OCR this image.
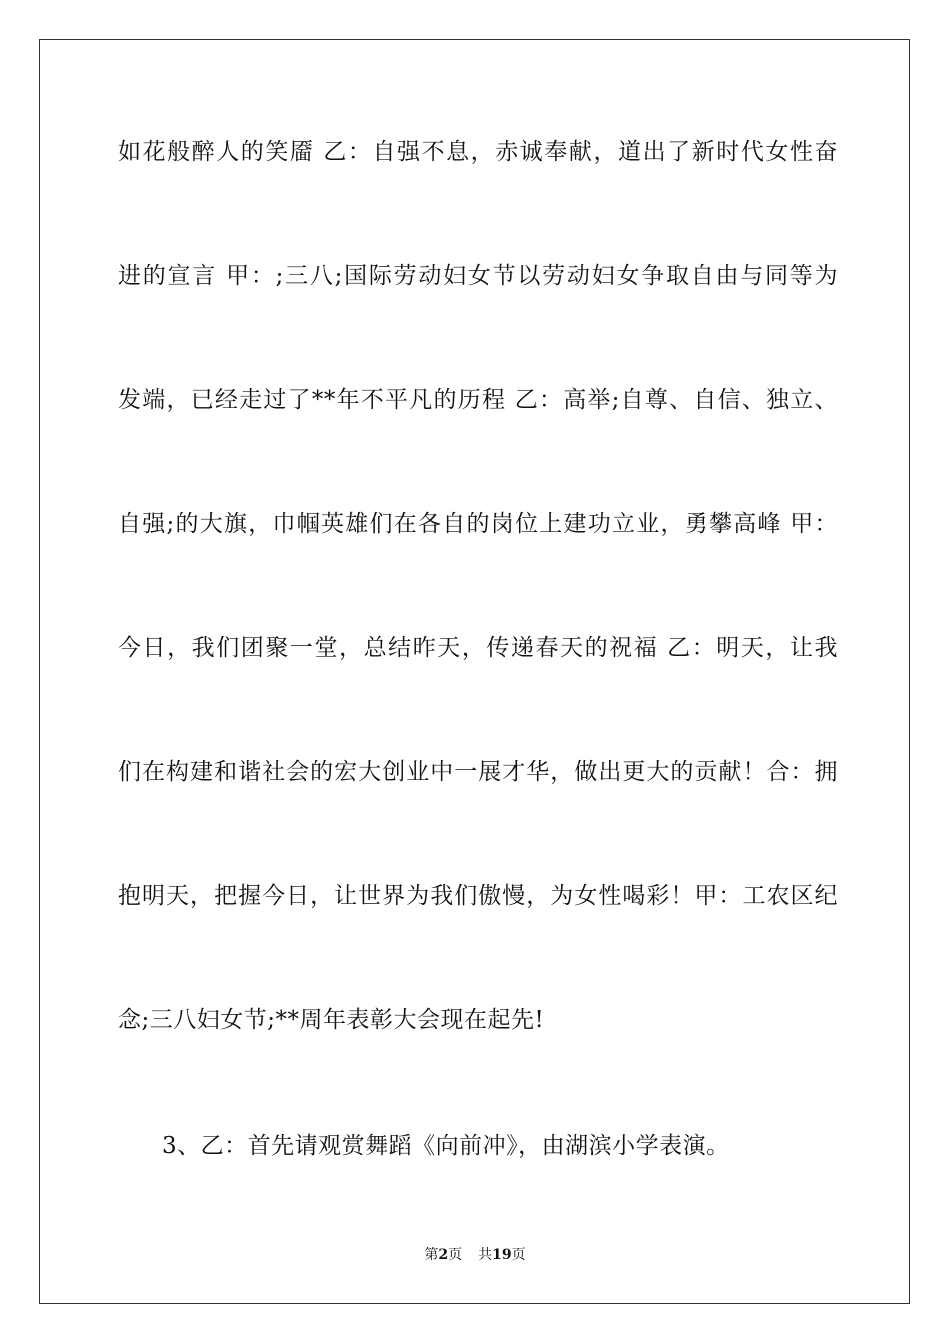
如花般醉人的笑靥 乙：自强不息，赤诚奉献，道出了新时代女性奋
进的宣言 甲：;三八;国际劳动妇女节以劳动妇女争取自由与同等为
发端，已经走过了**年不平凡的历程 乙：高举;自尊、自信、独立、
自强;的大旗，巾帼英雄们在各自的岗位上建功立业，勇攀高峰 甲：
今日，我们团聚一堂，总结昨天，传递春天的祝福 乙：明天，让我
们在构建和谐社会的宏大创业中一展才华，做出更大的贡献！合：拥
抱明天，把握今日，让世界为我们傲慢，为女性喝彩！甲：工农区纪
念;三八妇女节;**周年表彰大会现在起先!
3、乙：首先请观赏舞蹈《向前冲》，由湖滨小学表演。
第2页 共19页
